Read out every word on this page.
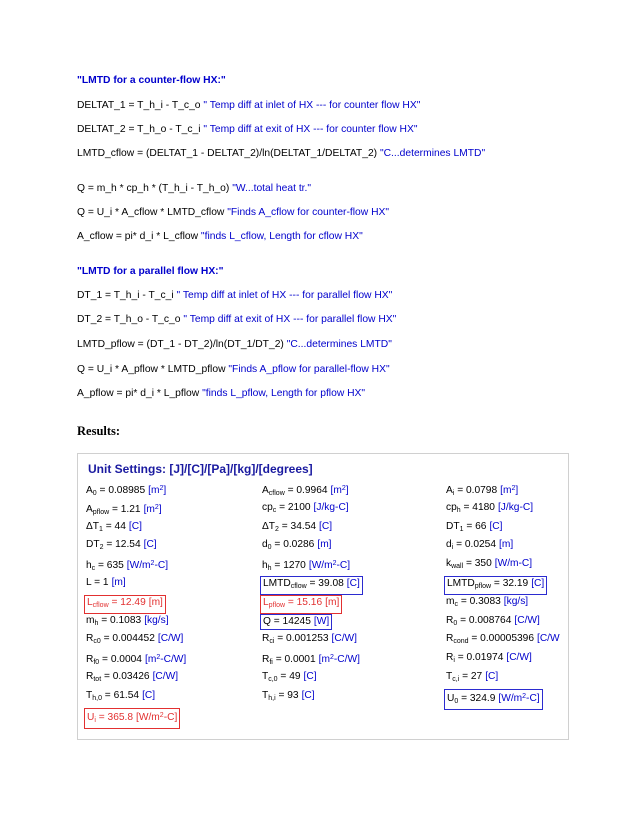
"LMTD for a counter-flow HX:"
DELTAT_1 = T_h_i - T_c_o " Temp diff at inlet of HX --- for counter flow HX"
DELTAT_2 = T_h_o - T_c_i " Temp diff at exit of HX --- for counter flow HX"
LMTD_cflow = (DELTAT_1 - DELTAT_2)/ln(DELTAT_1/DELTAT_2) "C...determines LMTD"
Q = m_h * cp_h * (T_h_i - T_h_o) "W...total heat tr."
Q = U_i * A_cflow * LMTD_cflow "Finds A_cflow for counter-flow HX"
A_cflow = pi* d_i * L_cflow "finds L_cflow, Length for cflow HX"
"LMTD for a parallel flow HX:"
DT_1 = T_h_i - T_c_i " Temp diff at inlet of HX --- for parallel flow HX"
DT_2 = T_h_o - T_c_o " Temp diff at exit of HX --- for parallel flow HX"
LMTD_pflow = (DT_1 - DT_2)/ln(DT_1/DT_2) "C...determines LMTD"
Q = U_i * A_pflow * LMTD_pflow "Finds A_pflow for parallel-flow HX"
A_pflow = pi* d_i * L_pflow "finds L_pflow, Length for pflow HX"
Results:
Unit Settings: [J]/[C]/[Pa]/[kg]/[degrees]
$A_0 = 0.08985$ $[m^2]$	$A_{cflow} = 0.9964$ $[m^2]$	$A_i = 0.0798$ $[m^2]$
$A_{pflow} = 1.21$ $[m^2]$	$cp_c = 2100$ [J/kg-C]	$cp_h = 4180$ [J/kg-C]
$\Delta T_1 = 44$ [C]	$\Delta T_2 = 34.54$ [C]	$DT_1 = 66$ [C]
$DT_2 = 12.54$ [C]	$d_0 = 0.0286$ [m]	$d_i = 0.0254$ [m]
$h_c = 635$ $[W/m^2-C]$	$h_h = 1270$ $[W/m^2-C]$	$k_{wall} = 350$ [W/m-C]
L = 1 [m]	$LMTD_{cflow} = 39.08$ [C]	$LMTD_{pflow} = 32.19$ [C]
$L_{cflow} = 12.49$ [m]	$L_{pflow} = 15.16$ [m]	$m_c = 0.3083$ [kg/s]
$m_h = 0.1083$ [kg/s]	Q = 14245 [W]	$R_0 = 0.008764$ [C/W]
$R_{c0} = 0.004452$ [C/W]	$R_{ci} = 0.001253$ [C/W]	$R_{cond} = 0.00005396$ [C/W
$R_{f0} = 0.0004$ $[m^2-C/W]$	$R_{fi} = 0.0001$ $[m^2-C/W]$	$R_i = 0.01974$ [C/W]
$R_{tot} = 0.03426$ [C/W]	$T_{c,0} = 49$ [C]	$T_{c,i} = 27$ [C]
$T_{h,0} = 61.54$ [C]	$T_{h,i} = 93$ [C]	$U_0 = 324.9$ $[W/m^2-C]$
$U_i = 365.8$ $[W/m^2-C]$
